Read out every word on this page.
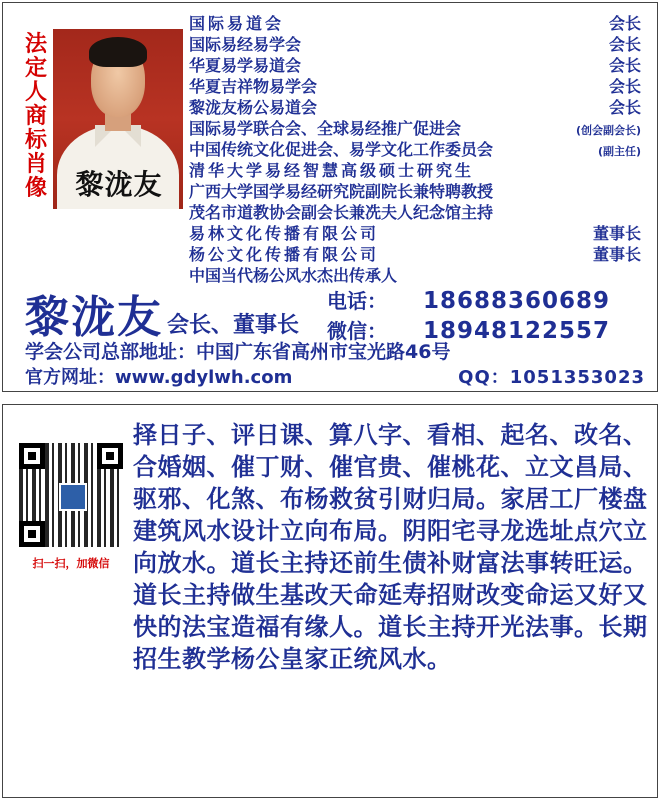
法定人商标肖像	黎泷友
国际易道会	会长
国际易经易学会	会长
华夏易学易道会	会长
华夏吉祥物易学会	会长
黎泷友杨公易道会	会长
国际易学联合会、全球易经推广促进会	(创会副会长)
中国传统文化促进会、易学文化工作委员会	(副主任)
清华大学易经智慧高级硕士研究生
广西大学国学易经研究院副院长兼特聘教授
茂名市道教协会副会长兼冼夫人纪念馆主持
易林文化传播有限公司	董事长
杨公文化传播有限公司	董事长
中国当代杨公风水杰出传承人
黎泷友 会长、董事长
电话：	18688360689
微信：	18948122557
学会公司总部地址：中国广东省高州市宝光路46号
官方网址：www.gdylwh.com	QQ：1051353023
扫一扫，加微信
择日子、评日课、算八字、看相、起名、改名、合婚姻、催丁财、催官贵、催桃花、立文昌局、驱邪、化煞、布杨救贫引财归局。家居工厂楼盘建筑风水设计立向布局。阴阳宅寻龙选址点穴立向放水。道长主持还前生债补财富法事转旺运。道长主持做生基改天命延寿招财改变命运又好又快的法宝造福有缘人。道长主持开光法事。长期招生教学杨公皇家正统风水。
